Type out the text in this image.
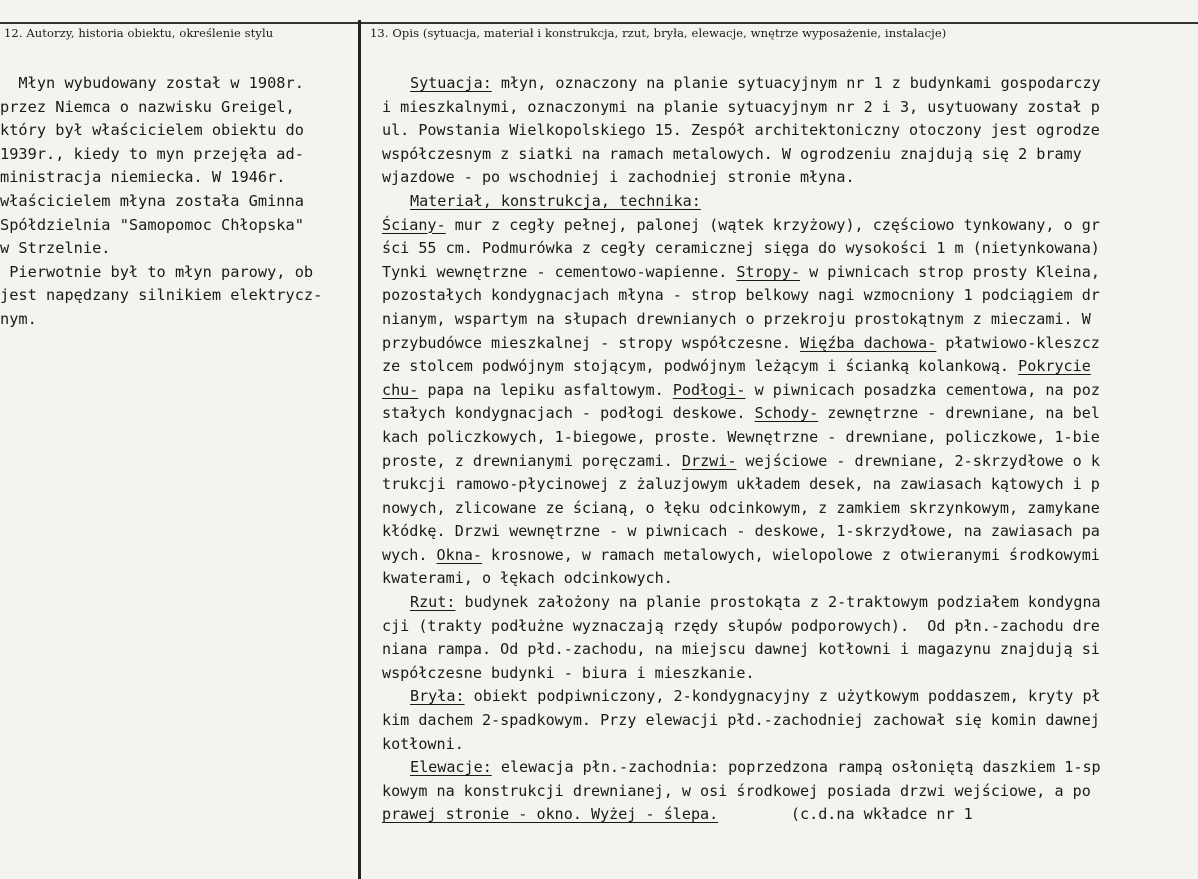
12. Autorzy, historia obiektu, określenie stylu	13. Opis (sytuacja, materiał i konstrukcja, rzut, bryła, elewacje, wnętrze wyposażenie, instalacje)
Młyn wybudowany został w 1908r.
przez Niemca o nazwisku Greigel,
który był właścicielem obiektu do
1939r., kiedy to myn przejęła ad-
ministracja niemiecka. W 1946r.
właścicielem młyna została Gminna
Spółdzielnia "Samopomoc Chłopska"
w Strzelnie.
Pierwotnie był to młyn parowy, ob
jest napędzany silnikiem elektrycz-
nym.
Sytuacja: młyn, oznaczony na planie sytuacyjnym nr 1 z budynkami gospodarczy
i mieszkalnymi, oznaczonymi na planie sytuacyjnym nr 2 i 3, usytuowany został p
ul. Powstania Wielkopolskiego 15. Zespół architektoniczny otoczony jest ogrodze
współczesnym z siatki na ramach metalowych. W ogrodzeniu znajdują się 2 bramy
wjazdowe - po wschodniej i zachodniej stronie młyna.
Materiał, konstrukcja, technika:
Ściany- mur z cegły pełnej, palonej (wątek krzyżowy), częściowo tynkowany, o gr
ści 55 cm. Podmurówka z cegły ceramicznej sięga do wysokości 1 m (nietynkowana)
Tynki wewnętrzne - cementowo-wapienne. Stropy- w piwnicach strop prosty Kleina,
pozostałych kondygnacjach młyna - strop belkowy nagi wzmocniony 1 podciągiem dr
nianym, wspartym na słupach drewnianych o przekroju prostokątnym z mieczami. W
przybudówce mieszkalnej - stropy współczesne. Więźba dachowa- płatwiowo-kleszcz
ze stolcem podwójnym stojącym, podwójnym leżącym i ścianką kolankową. Pokrycie
chu- papa na lepiku asfaltowym. Podłogi- w piwnicach posadzka cementowa, na poz
stałych kondygnacjach - podłogi deskowe. Schody- zewnętrzne - drewniane, na bel
kach policzkowych, 1-biegowe, proste. Wewnętrzne - drewniane, policzkowe, 1-bie
proste, z drewnianymi poręczami. Drzwi- wejściowe - drewniane, 2-skrzydłowe o k
trukcji ramowo-płycinowej z żaluzjowym układem desek, na zawiasach kątowych i p
nowych, zlicowane ze ścianą, o łęku odcinkowym, z zamkiem skrzynkowym, zamykane
kłódkę. Drzwi wewnętrzne - w piwnicach - deskowe, 1-skrzydłowe, na zawiasach pa
wych. Okna- krosnowe, w ramach metalowych, wielopolowe z otwieranymi środkowymi
kwaterami, o łękach odcinkowych.
Rzut: budynek założony na planie prostokąta z 2-traktowym podziałem kondygna
cji (trakty podłużne wyznaczają rzędy słupów podporowych).  Od płn.-zachodu dre
niana rampa. Od płd.-zachodu, na miejscu dawnej kotłowni i magazynu znajdują si
współczesne budynki - biura i mieszkanie.
Bryła: obiekt podpiwniczony, 2-kondygnacyjny z użytkowym poddaszem, kryty pł
kim dachem 2-spadkowym. Przy elewacji płd.-zachodniej zachował się komin dawnej
kotłowni.
Elewacje: elewacja płn.-zachodnia: poprzedzona rampą osłoniętą daszkiem 1-sp
kowym na konstrukcji drewnianej, w osi środkowej posiada drzwi wejściowe, a po
prawej stronie - okno. Wyżej - ślepa.        (c.d.na wkładce nr 1
